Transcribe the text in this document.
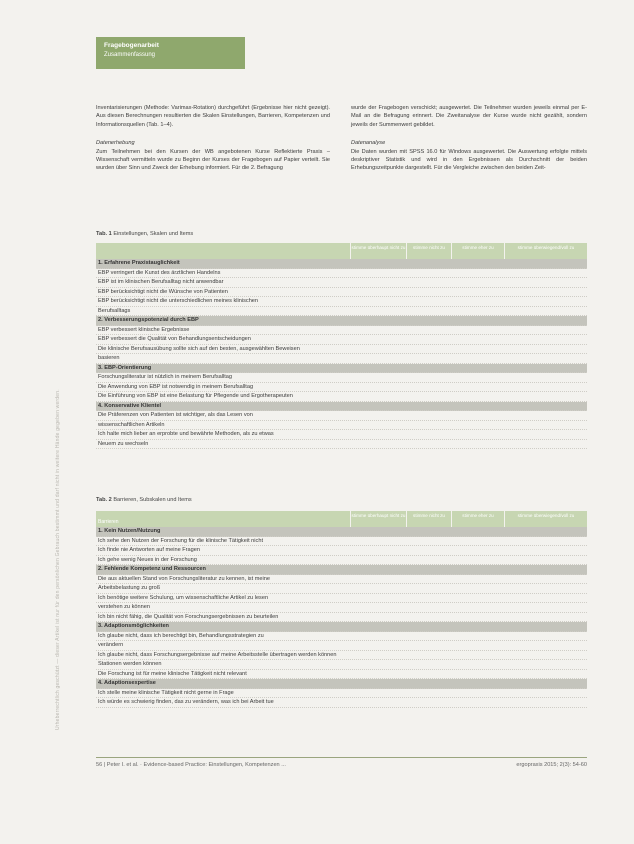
Urheberrechtlich geschützt — dieser Artikel ist nur für den persönlichen Gebrauch bestimmt und darf nicht in weitere Hände gegeben werden.
Fragebogenarbeit
Zusammenfassung

Inventarisierungen (Methode: Varimax-Rotation) durchgeführt (Ergebnisse hier nicht gezeigt). Aus diesen Berechnungen resultierten die Skalen Einstellungen, Barrieren, Kompetenzen und Informationsquellen (Tab. 1–4).

Datenerhebung

Zum Teilnehmen bei den Kursen der WB angebotenen Kurse Reflektierte Praxis – Wissenschaft vermitteln wurde zu Beginn der Kurses der Fragebogen auf Papier verteilt. Sie wurden über Sinn und Zweck der Erhebung informiert. Für die 2. Befragung

wurde der Fragebogen verschickt; ausgewertet. Die Teilnehmer wurden jeweils einmal per E-Mail an die Befragung erinnert. Die Zweitanalyse der Kurse wurde nicht gezählt, sondern jeweils der Summenwert gebildet.

Datenanalyse

Die Daten wurden mit SPSS 16.0 für Windows ausgewertet. Die Auswertung erfolgte mittels deskriptiver Statistik und wird in den Ergebnissen als Durchschnitt der beiden Erhebungszeitpunkte dargestellt. Für die Vergleiche zwischen den beiden Zeit-

Tab. 1 Einstellungen, Skalen und Items
stimme überhaupt nicht zu	stimme nicht zu	stimme eher zu	stimme überwiegend/voll zu
1. Erfahrene Praxistauglichkeit
EBP verringert die Kunst des ärztlichen Handelns
EBP ist im klinischen Berufsalltag nicht anwendbar
EBP berücksichtigt nicht die Wünsche von Patienten
EBP berücksichtigt nicht die unterschiedlichen meines klinischen
Berufsalltags
2. Verbesserungspotenzial durch EBP
EBP verbessert klinische Ergebnisse
EBP verbessert die Qualität von Behandlungsentscheidungen
Die klinische Berufsausübung sollte sich auf den besten, ausgewählten Beweisen
basieren
3. EBP-Orientierung
Forschungsliteratur ist nützlich in meinem Berufsalltag
Die Anwendung von EBP ist notwendig in meinem Berufsalltag
Die Einführung von EBP ist eine Belastung für Pflegende und Ergotherapeuten
4. Konservative Klientel
Die Präferenzen von Patienten ist wichtiger, als das Lesen von
wissenschaftlichen Artikeln
Ich halte mich lieber an erprobte und bewährte Methoden, als zu etwas
Neuem zu wechseln
Tab. 2 Barrieren, Subskalen und Items
Barrieren
stimme überhaupt nicht zu	stimme nicht zu	stimme eher zu	stimme überwiegend/voll zu
1. Kein Nutzen/Nutzung
Ich sehe den Nutzen der Forschung für die klinische Tätigkeit nicht
Ich finde nie Antworten auf meine Fragen
Ich gehe wenig Neues in der Forschung
2. Fehlende Kompetenz und Ressourcen
Die aus aktuellen Stand von Forschungsliteratur zu kennen, ist meine
Arbeitsbelastung zu groß
Ich benötige weitere Schulung, um wissenschaftliche Artikel zu lesen
verstehen zu können
Ich bin nicht fähig, die Qualität von Forschungsergebnissen zu beurteilen
3. Adaptionsmöglichkeiten
Ich glaube nicht, dass ich berechtigt bin, Behandlungsstrategien zu
verändern
Ich glaube nicht, dass Forschungsergebnisse auf meine Arbeitsstelle übertragen werden können
Stationen werden können
Die Forschung ist für meine klinische Tätigkeit nicht relevant
4. Adaptionsexpertise
Ich stelle meine klinische Tätigkeit nicht gerne in Frage
Ich würde es schwierig finden, das zu verändern, was ich bei Arbeit tue
56 | Peter I. et al. · Evidence-based Practice: Einstellungen, Kompetenzen ...	ergopraxis 2015; 2(3): 54-60
